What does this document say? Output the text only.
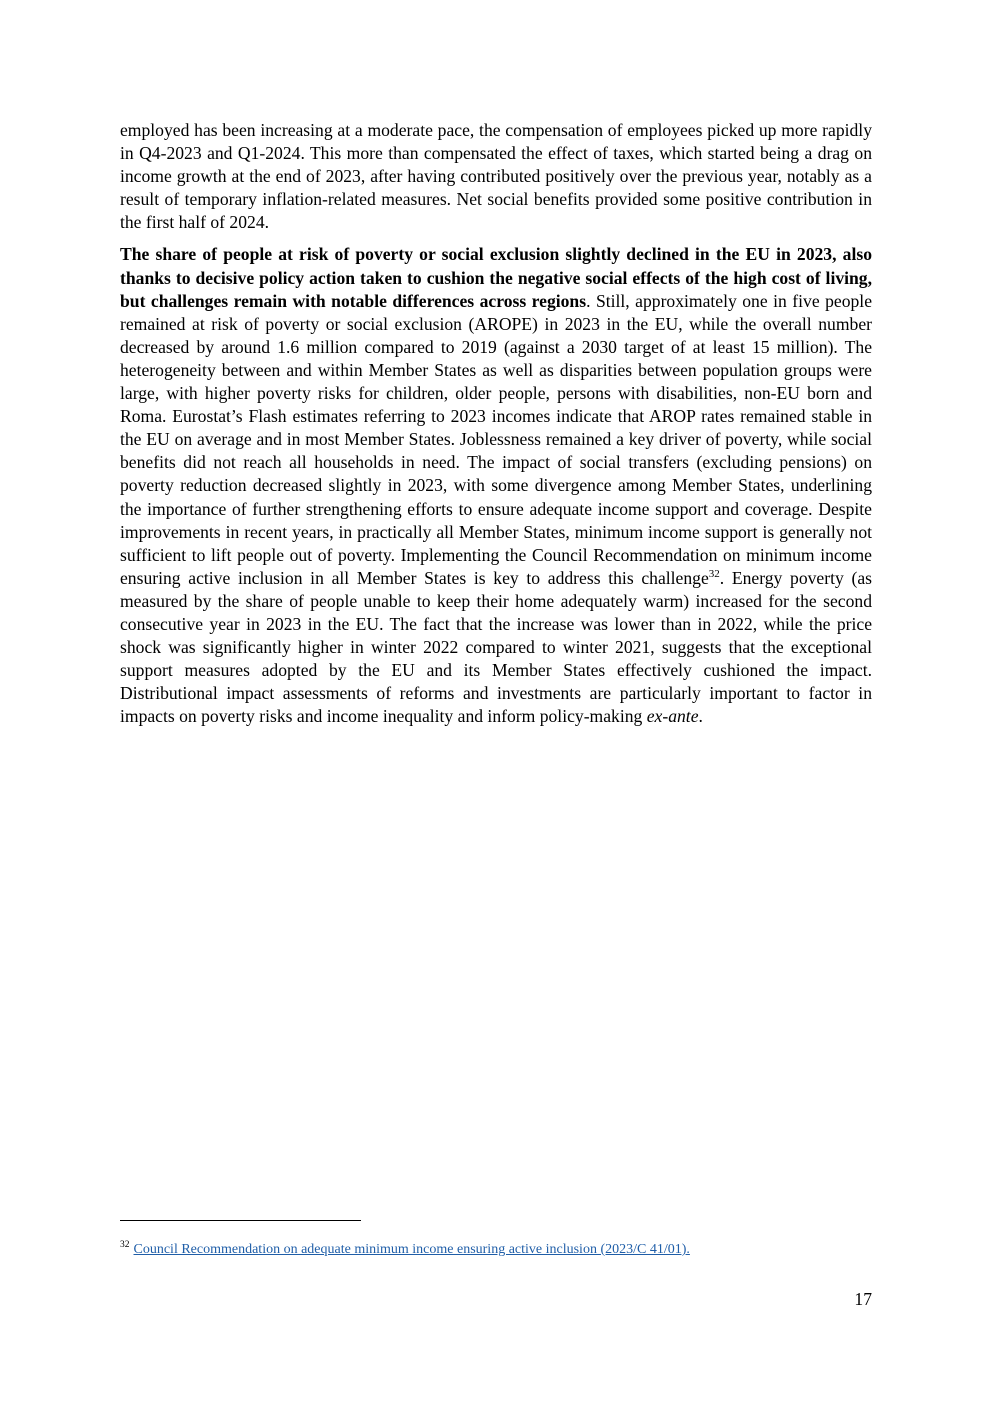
employed has been increasing at a moderate pace, the compensation of employees picked up more rapidly in Q4-2023 and Q1-2024. This more than compensated the effect of taxes, which started being a drag on income growth at the end of 2023, after having contributed positively over the previous year, notably as a result of temporary inflation-related measures. Net social benefits provided some positive contribution in the first half of 2024.

The share of people at risk of poverty or social exclusion slightly declined in the EU in 2023, also thanks to decisive policy action taken to cushion the negative social effects of the high cost of living, but challenges remain with notable differences across regions. Still, approximately one in five people remained at risk of poverty or social exclusion (AROPE) in 2023 in the EU, while the overall number decreased by around 1.6 million compared to 2019 (against a 2030 target of at least 15 million). The heterogeneity between and within Member States as well as disparities between population groups were large, with higher poverty risks for children, older people, persons with disabilities, non-EU born and Roma. Eurostat’s Flash estimates referring to 2023 incomes indicate that AROP rates remained stable in the EU on average and in most Member States. Joblessness remained a key driver of poverty, while social benefits did not reach all households in need. The impact of social transfers (excluding pensions) on poverty reduction decreased slightly in 2023, with some divergence among Member States, underlining the importance of further strengthening efforts to ensure adequate income support and coverage. Despite improvements in recent years, in practically all Member States, minimum income support is generally not sufficient to lift people out of poverty. Implementing the Council Recommendation on minimum income ensuring active inclusion in all Member States is key to address this challenge$^{32}$. Energy poverty (as measured by the share of people unable to keep their home adequately warm) increased for the second consecutive year in 2023 in the EU. The fact that the increase was lower than in 2022, while the price shock was significantly higher in winter 2022 compared to winter 2021, suggests that the exceptional support measures adopted by the EU and its Member States effectively cushioned the impact. Distributional impact assessments of reforms and investments are particularly important to factor in impacts on poverty risks and income inequality and inform policy-making ex-ante.

$^{32}$ Council Recommendation on adequate minimum income ensuring active inclusion (2023/C 41/01).
17
